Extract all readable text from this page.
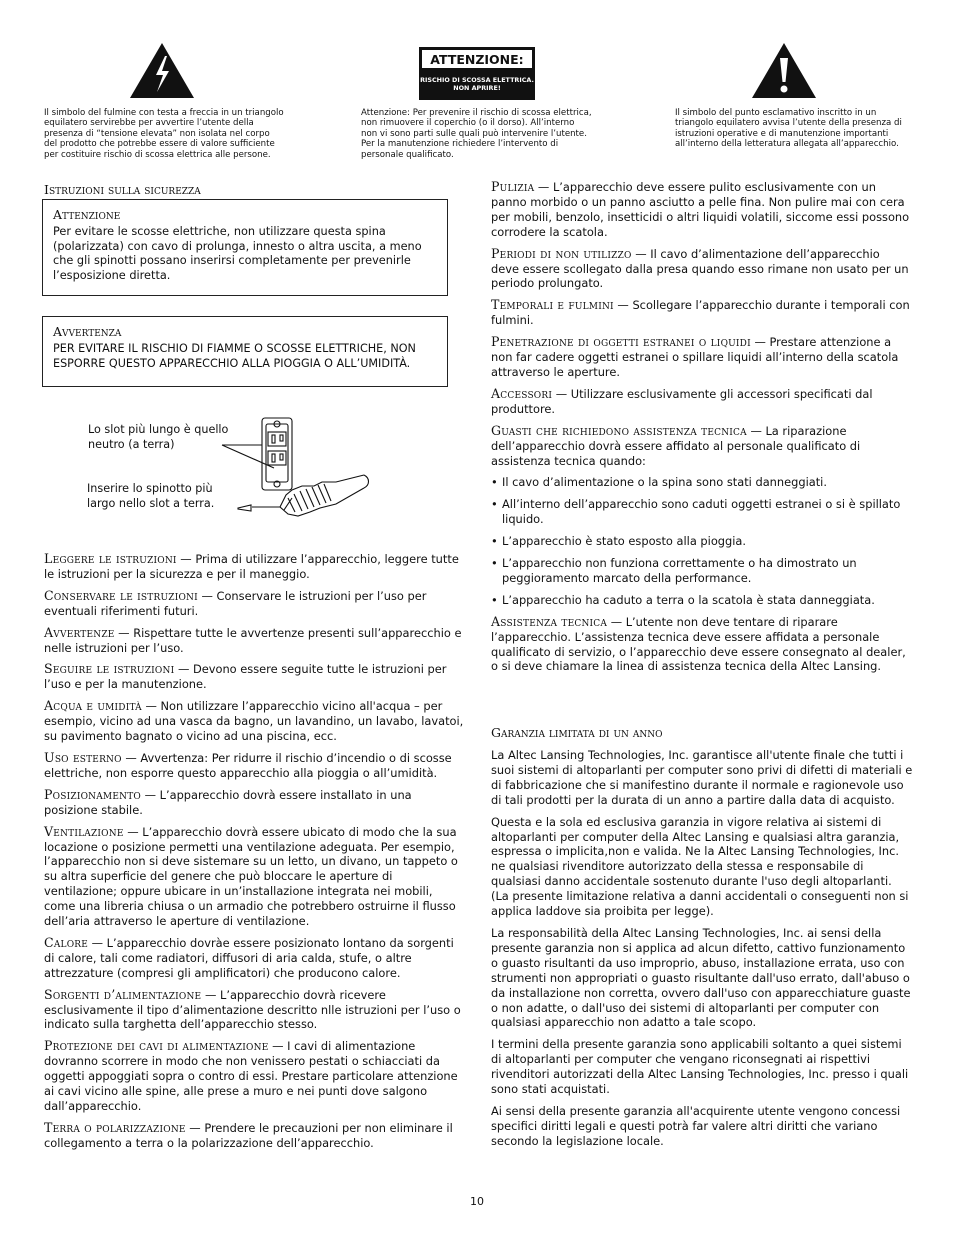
Il simbolo del fulmine con testa a freccia in un triangolo equilatero servirebbe per avvertire l’utente della presenza di “tensione elevata” non isolata nel corpo del prodotto che potrebbe essere di valore sufficiente per costituire rischio di scossa elettrica alle persone.
ATTENZIONE:
RISCHIO DI SCOSSA ELETTRICA.
NON APRIRE!
Attenzione: Per prevenire il rischio di scossa elettrica, non rimuovere il coperchio (o il dorso). All’interno non vi sono parti sulle quali può intervenire l’utente. Per la manutenzione richiedere l’intervento di personale qualificato.
Il simbolo del punto esclamativo inscritto in un triangolo equilatero avvisa l’utente della presenza di istruzioni operative e di manutenzione importanti all’interno della letteratura allegata all’apparecchio.
Istruzioni sulla sicurezza
Attenzione
Per evitare le scosse elettriche, non utilizzare questa spina (polarizzata) con cavo di prolunga, innesto o altra uscita, a meno che gli spinotti possano inserirsi completamente per prevenirle l’esposizione diretta.
Avvertenza
PER EVITARE IL RISCHIO DI FIAMME O SCOSSE ELETTRICHE, NON ESPORRE QUESTO APPARECCHIO ALLA PIOGGIA O ALL’UMIDITÀ.
Lo slot più lungo è quello neutro (a terra)
Inserire lo spinotto più largo nello slot a terra.

Leggere le istruzioni — Prima di utilizzare l’apparecchio, leggere tutte le istruzioni per la sicurezza e per il maneggio.

Conservare le istruzioni — Conservare le istruzioni per l’uso per eventuali riferimenti futuri.

Avvertenze — Rispettare tutte le avvertenze presenti sull’apparecchio e nelle istruzioni per l’uso.

Seguire le istruzioni — Devono essere seguite tutte le istruzioni per l’uso e per la manutenzione.

Acqua e umidità — Non utilizzare l’apparecchio vicino all'acqua – per esempio, vicino ad una vasca da bagno, un lavandino, un lavabo, lavatoi, su pavimento bagnato o vicino ad una piscina, ecc.

Uso esterno — Avvertenza: Per ridurre il rischio d’incendio o di scosse elettriche, non esporre questo apparecchio alla pioggia o all’umidità.

Posizionamento — L’apparecchio dovrà essere installato in una posizione stabile.

Ventilazione — L’apparecchio dovrà essere ubicato di modo che la sua locazione o posizione permetti una ventilazione adeguata. Per esempio, l’apparecchio non si deve sistemare su un letto, un divano, un tappeto o su altra superficie del genere che può bloccare le aperture di ventilazione; oppure ubicare in un’installazione integrata nei mobili, come una libreria chiusa o un armadio che potrebbero ostruirne il flusso dell’aria attraverso le aperture di ventilazione.

Calore — L’apparecchio dovràe essere posizionato lontano da sorgenti di calore, tali come radiatori, diffusori di aria calda, stufe, o altre attrezzature (compresi gli amplificatori) che producono calore.

Sorgenti d’alimentazione — L’apparecchio dovrà ricevere esclusivamente il tipo d’alimentazione descritto nlle istruzioni per l’uso o indicato sulla targhetta dell’apparecchio stesso.

Protezione dei cavi di alimentazione — I cavi di alimentazione dovranno scorrere in modo che non venissero pestati o schiacciati da oggetti appoggiati sopra o contro di essi. Prestare particolare attenzione ai cavi vicino alle spine, alle prese a muro e nei punti dove salgono dall’apparecchio.

Terra o polarizzazione — Prendere le precauzioni per non eliminare il collegamento a terra o la polarizzazione dell’apparecchio.

Pulizia — L’apparecchio deve essere pulito esclusivamente con un panno morbido o un panno asciutto a pelle fina. Non pulire mai con cera per mobili, benzolo, insetticidi o altri liquidi volatili, siccome essi possono corrodere la scatola.

Periodi di non utilizzo — Il cavo d’alimentazione dell’apparecchio deve essere scollegato dalla presa quando esso rimane non usato per un periodo prolungato.

Temporali e fulmini — Scollegare l’apparecchio durante i temporali con fulmini.

Penetrazione di oggetti estranei o liquidi — Prestare attenzione a non far cadere oggetti estranei o spillare liquidi all’interno della scatola attraverso le aperture.

Accessori — Utilizzare esclusivamente gli accessori specificati dal produttore.

Guasti che richiedono assistenza tecnica — La riparazione dell’apparecchio dovrà essere affidato al personale qualificato di assistenza tecnica quando:

• Il cavo d’alimentazione o la spina sono stati danneggiati.
• All’interno dell’apparecchio sono caduti oggetti estranei o si è spillato liquido.
• L’apparecchio è stato esposto alla pioggia.
• L’apparecchio non funziona correttamente o ha dimostrato un peggioramento marcato della performance.
• L’apparecchio ha caduto a terra o la scatola è stata danneggiata.

Assistenza tecnica — L’utente non deve tentare di riparare l’apparecchio. L’assistenza tecnica deve essere affidata a personale qualificato di servizio, o l’apparecchio deve essere consegnato al dealer, o si deve chiamare la linea di assistenza tecnica della Altec Lansing.

Garanzia limitata di un anno

La Altec Lansing Technologies, Inc. garantisce all'utente finale che tutti i suoi sistemi di altoparlanti per computer sono privi di difetti di materiali e di fabbricazione che si manifestino durante il normale e ragionevole uso di tali prodotti per la durata di un anno a partire dalla data di acquisto.

Questa e la sola ed esclusiva garanzia in vigore relativa ai sistemi di altoparlanti per computer della Altec Lansing e qualsiasi altra garanzia, espressa o implicita,non e valida. Ne la Altec Lansing Technologies, Inc. ne qualsiasi rivenditore autorizzato della stessa e responsabile di qualsiasi danno accidentale sostenuto durante l'uso degli altoparlanti. (La presente limitazione relativa a danni accidentali o conseguenti non si applica laddove sia proibita per legge).

La responsabilità della Altec Lansing Technologies, Inc. ai sensi della presente garanzia non si applica ad alcun difetto, cattivo funzionamento o guasto risultanti da uso improprio, abuso, installazione errata, uso con strumenti non appropriati o guasto risultante dall'uso errato, dall'abuso o da installazione non corretta, ovvero dall'uso con apparecchiature guaste o non adatte, o dall'uso dei sistemi di altoparlanti per computer con qualsiasi apparecchio non adatto a tale scopo.

I termini della presente garanzia sono applicabili soltanto a quei sistemi di altoparlanti per computer che vengano riconsegnati ai rispettivi rivenditori autorizzati della Altec Lansing Technologies, Inc. presso i quali sono stati acquistati.

Ai sensi della presente garanzia all'acquirente utente vengono concessi specifici diritti legali e questi potrà far valere altri diritti che variano secondo la legislazione locale.

10
